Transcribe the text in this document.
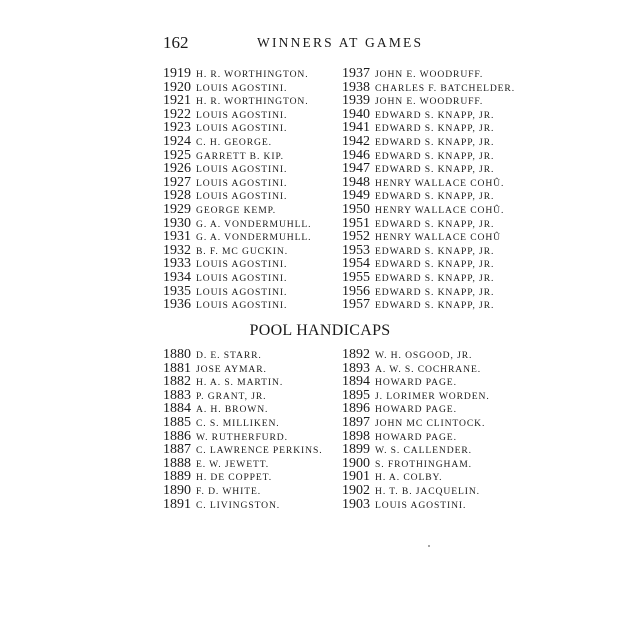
162	WINNERS AT GAMES
1919 H. R. WORTHINGTON.
1920 LOUIS AGOSTINI.
1921 H. R. WORTHINGTON.
1922 LOUIS AGOSTINI.
1923 LOUIS AGOSTINI.
1924 C. H. GEORGE.
1925 GARRETT B. KIP.
1926 LOUIS AGOSTINI.
1927 LOUIS AGOSTINI.
1928 LOUIS AGOSTINI.
1929 GEORGE KEMP.
1930 G. A. VONDERMUHLL.
1931 G. A. VONDERMUHLL.
1932 B. F. MC GUCKIN.
1933 LOUIS AGOSTINI.
1934 LOUIS AGOSTINI.
1935 LOUIS AGOSTINI.
1936 LOUIS AGOSTINI.
1937 JOHN E. WOODRUFF.
1938 CHARLES F. BATCHELDER.
1939 JOHN E. WOODRUFF.
1940 EDWARD S. KNAPP, JR.
1941 EDWARD S. KNAPP, JR.
1942 EDWARD S. KNAPP, JR.
1946 EDWARD S. KNAPP, JR.
1947 EDWARD S. KNAPP, JR.
1948 HENRY WALLACE COHÛ.
1949 EDWARD S. KNAPP, JR.
1950 HENRY WALLACE COHÛ.
1951 EDWARD S. KNAPP, JR.
1952 HENRY WALLACE COHÛ
1953 EDWARD S. KNAPP, JR.
1954 EDWARD S. KNAPP, JR.
1955 EDWARD S. KNAPP, JR.
1956 EDWARD S. KNAPP, JR.
1957 EDWARD S. KNAPP, JR.
POOL HANDICAPS
1880 D. E. STARR.
1881 JOSE AYMAR.
1882 H. A. S. MARTIN.
1883 P. GRANT, JR.
1884 A. H. BROWN.
1885 C. S. MILLIKEN.
1886 W. RUTHERFURD.
1887 C. LAWRENCE PERKINS.
1888 E. W. JEWETT.
1889 H. DE COPPET.
1890 F. D. WHITE.
1891 C. LIVINGSTON.
1892 W. H. OSGOOD, JR.
1893 A. W. S. COCHRANE.
1894 HOWARD PAGE.
1895 J. LORIMER WORDEN.
1896 HOWARD PAGE.
1897 JOHN MC CLINTOCK.
1898 HOWARD PAGE.
1899 W. S. CALLENDER.
1900 S. FROTHINGHAM.
1901 H. A. COLBY.
1902 H. T. B. JACQUELIN.
1903 LOUIS AGOSTINI.
